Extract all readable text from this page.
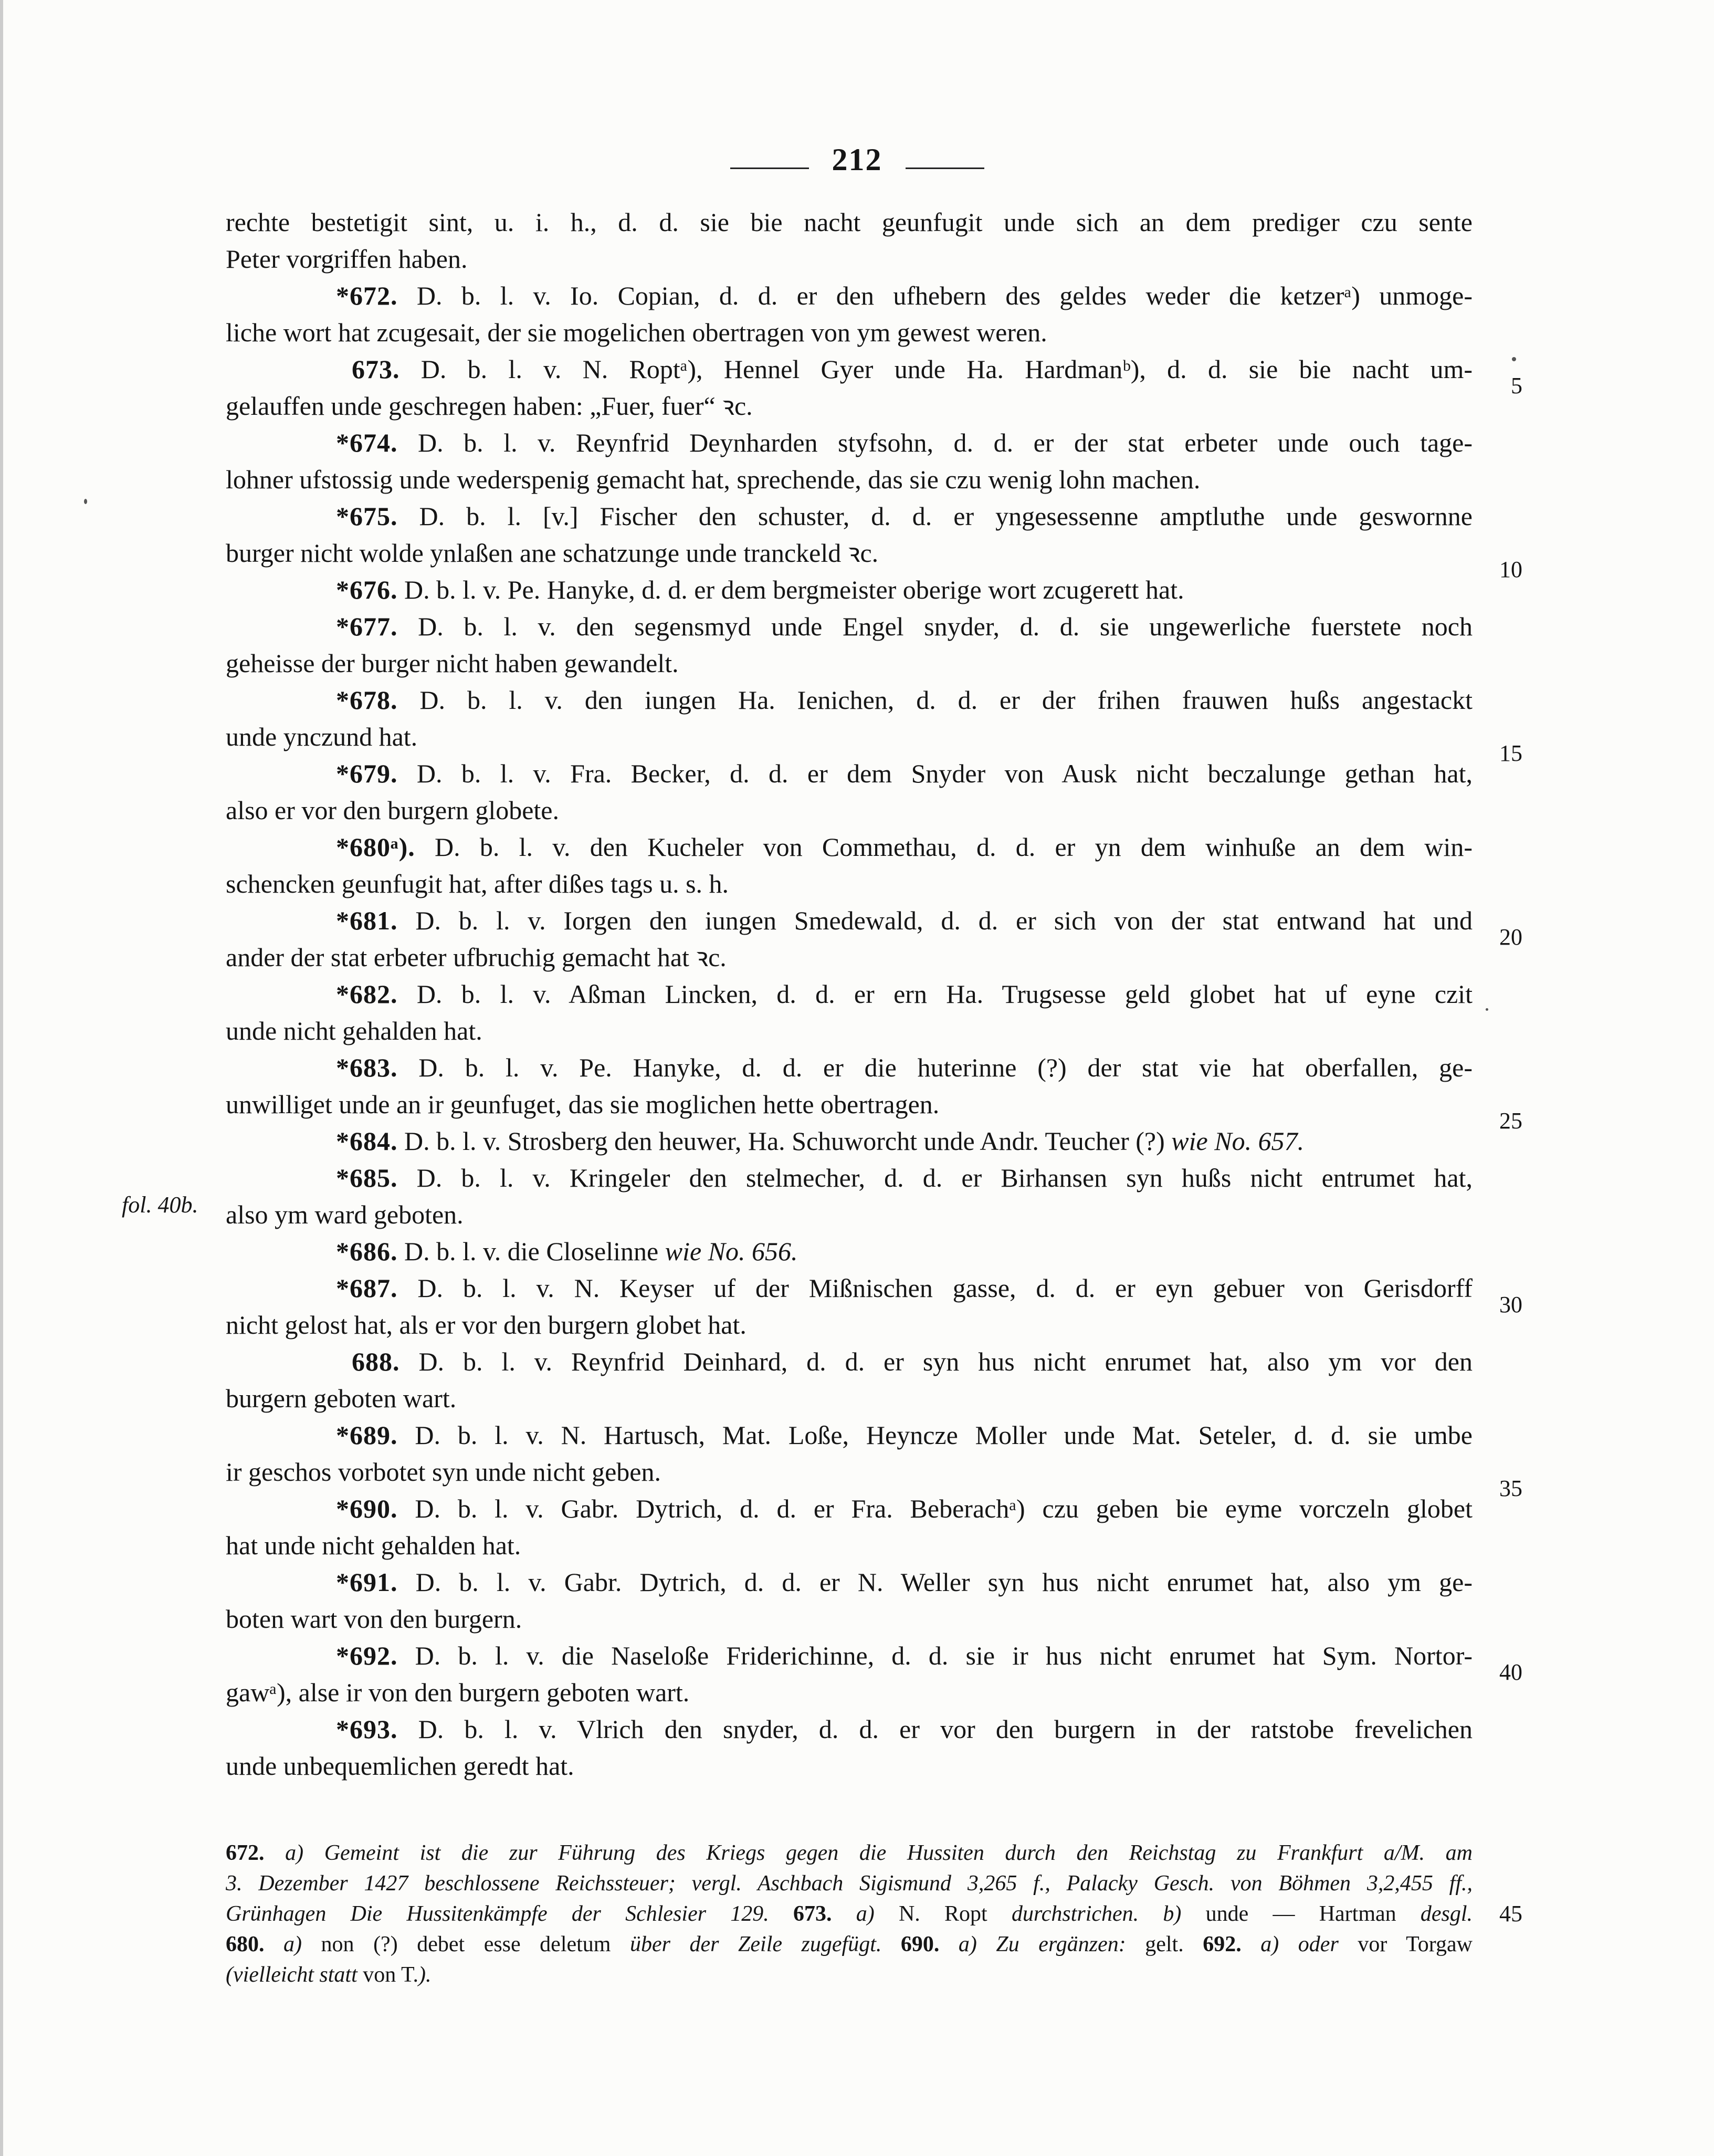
212
rechte bestetigit sint, u. i. h., d. d. sie bie nacht geunfugit unde sich an dem prediger czu sente
Peter vorgriffen haben.
*672. D. b. l. v. Io. Copian, d. d. er den ufhebern des geldes weder die ketzerᵃ) unmoge-
liche wort hat zcugesait, der sie mogelichen obertragen von ym gewest weren.
673. D. b. l. v. N. Roptᵃ), Hennel Gyer unde Ha. Hardmanᵇ), d. d. sie bie nacht um-
gelauffen unde geschregen haben: „Fuer, fuer“ ꝛc.
*674. D. b. l. v. Reynfrid Deynharden styfsohn, d. d. er der stat erbeter unde ouch tage-
lohner ufstossig unde wederspenig gemacht hat, sprechende, das sie czu wenig lohn machen.
*675. D. b. l. [v.] Fischer den schuster, d. d. er yngesessenne amptluthe unde geswornne
burger nicht wolde ynlaßen ane schatzunge unde tranckeld ꝛc.
*676. D. b. l. v. Pe. Hanyke, d. d. er dem bergmeister oberige wort zcugerett hat.
*677. D. b. l. v. den segensmyd unde Engel snyder, d. d. sie ungewerliche fuerstete noch
geheisse der burger nicht haben gewandelt.
*678. D. b. l. v. den iungen Ha. Ienichen, d. d. er der frihen frauwen hußs angestackt
unde ynczund hat.
*679. D. b. l. v. Fra. Becker, d. d. er dem Snyder von Ausk nicht beczalunge gethan hat,
also er vor den burgern globete.
*680ᵃ). D. b. l. v. den Kucheler von Commethau, d. d. er yn dem winhuße an dem win-
schencken geunfugit hat, after dißes tags u. s. h.
*681. D. b. l. v. Iorgen den iungen Smedewald, d. d. er sich von der stat entwand hat und
ander der stat erbeter ufbruchig gemacht hat ꝛc.
*682. D. b. l. v. Aßman Lincken, d. d. er ern Ha. Trugsesse geld globet hat uf eyne czit
unde nicht gehalden hat.
*683. D. b. l. v. Pe. Hanyke, d. d. er die huterinne (?) der stat vie hat oberfallen, ge-
unwilliget unde an ir geunfuget, das sie moglichen hette obertragen.
*684. D. b. l. v. Strosberg den heuwer, Ha. Schuworcht unde Andr. Teucher (?) wie No. 657.
*685. D. b. l. v. Kringeler den stelmecher, d. d. er Birhansen syn hußs nicht entrumet hat,
also ym ward geboten.
*686. D. b. l. v. die Closelinne wie No. 656.
*687. D. b. l. v. N. Keyser uf der Mißnischen gasse, d. d. er eyn gebuer von Gerisdorff
nicht gelost hat, als er vor den burgern globet hat.
688. D. b. l. v. Reynfrid Deinhard, d. d. er syn hus nicht enrumet hat, also ym vor den
burgern geboten wart.
*689. D. b. l. v. N. Hartusch, Mat. Loße, Heyncze Moller unde Mat. Seteler, d. d. sie umbe
ir geschos vorbotet syn unde nicht geben.
*690. D. b. l. v. Gabr. Dytrich, d. d. er Fra. Beberachᵃ) czu geben bie eyme vorczeln globet
hat unde nicht gehalden hat.
*691. D. b. l. v. Gabr. Dytrich, d. d. er N. Weller syn hus nicht enrumet hat, also ym ge-
boten wart von den burgern.
*692. D. b. l. v. die Naseloße Friderichinne, d. d. sie ir hus nicht enrumet hat Sym. Nortor-
gawᵃ), alse ir von den burgern geboten wart.
*693. D. b. l. v. Vlrich den snyder, d. d. er vor den burgern in der ratstobe frevelichen
unde unbequemlichen geredt hat.
fol. 40b.
5
10
15
20
25
30
35
40
672. a) Gemeint ist die zur Führung des Kriegs gegen die Hussiten durch den Reichstag zu Frankfurt a/M. am
3. Dezember 1427 beschlossene Reichssteuer; vergl. Aschbach Sigismund 3,265 f., Palacky Gesch. von Böhmen 3,2,455 ff.,
Grünhagen Die Hussitenkämpfe der Schlesier 129. 673. a) N. Ropt durchstrichen. b) unde — Hartman desgl.
680. a) non (?) debet esse deletum über der Zeile zugefügt. 690. a) Zu ergänzen: gelt. 692. a) oder vor Torgaw
(vielleicht statt von T.).
45
